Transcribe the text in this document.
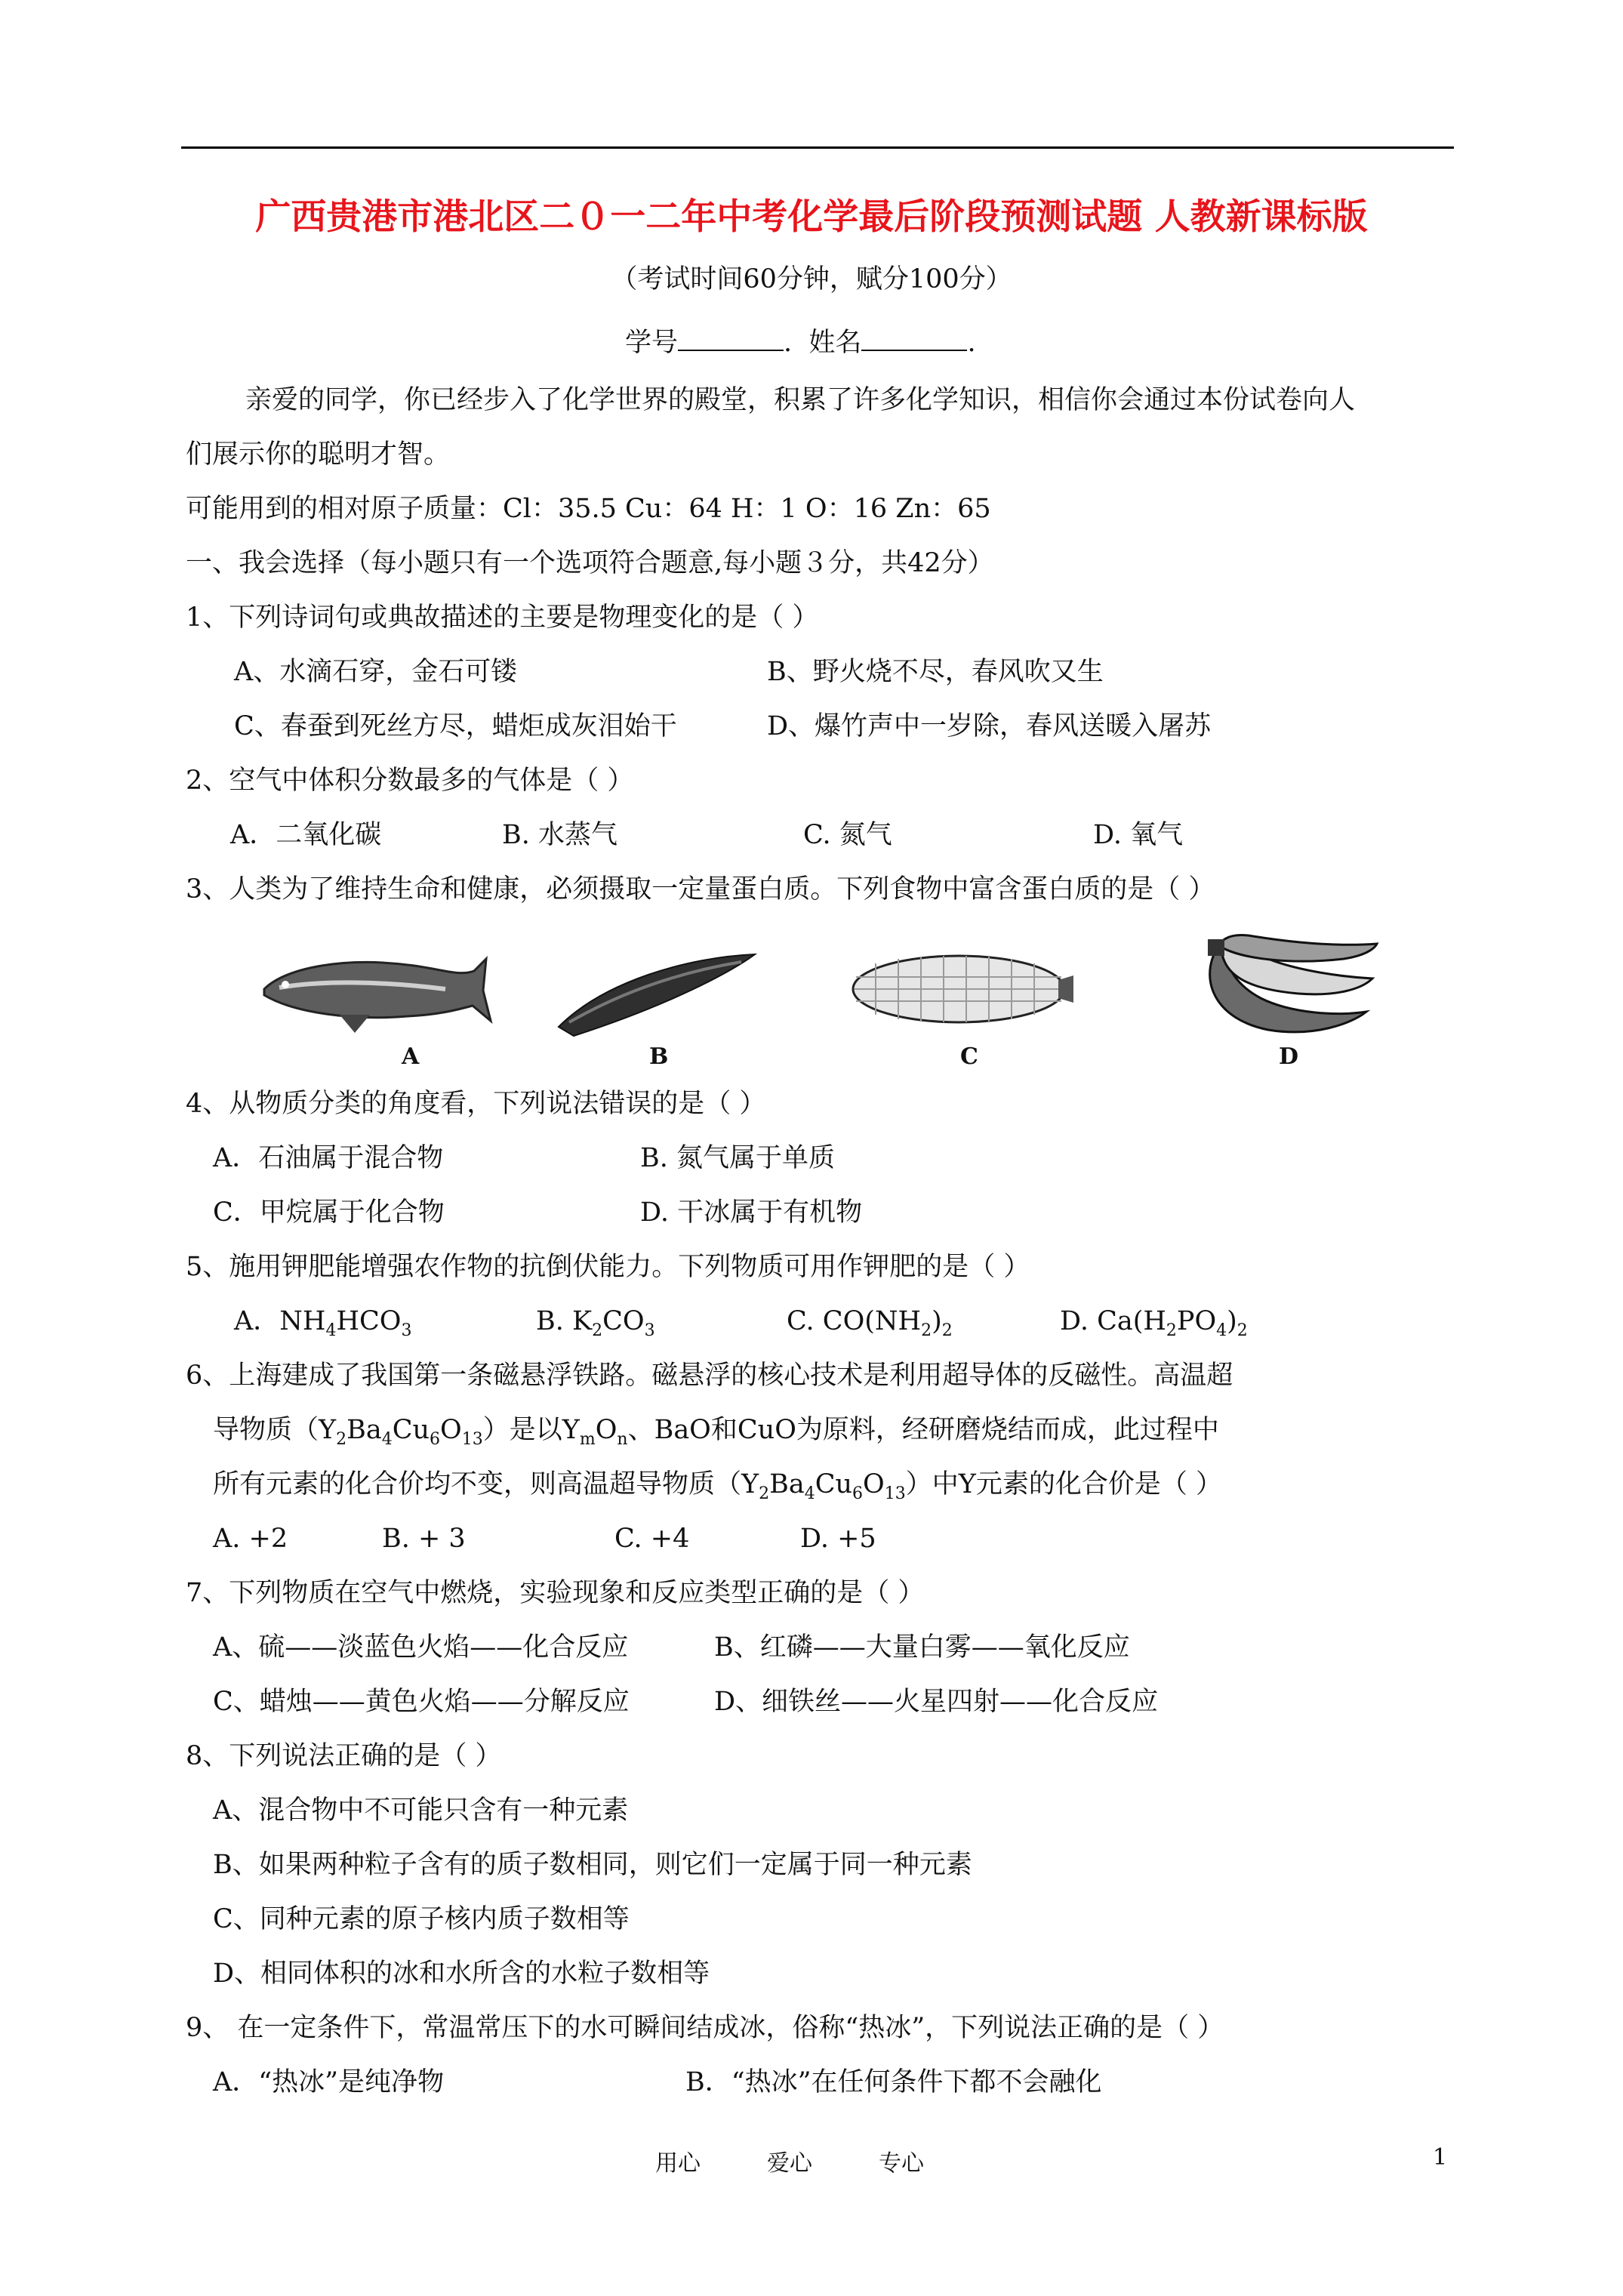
广西贵港市港北区二０一二年中考化学最后阶段预测试题 人教新课标版
（考试时间60分钟，赋分100分）
学号	. 姓名	.
亲爱的同学，你已经步入了化学世界的殿堂，积累了许多化学知识，相信你会通过本份试卷向人
们展示你的聪明才智。
可能用到的相对原子质量：Cl：35.5 Cu：64 H：1 O：16 Zn：65
一、我会选择（每小题只有一个选项符合题意,每小题３分，共42分）
1、下列诗词句或典故描述的主要是物理变化的是（ ）
A、水滴石穿，金石可镂	B、野火烧不尽，春风吹又生
C、春蚕到死丝方尽，蜡炬成灰泪始干	D、爆竹声中一岁除，春风送暖入屠苏
2、空气中体积分数最多的气体是（ ）
A．二氧化碳	B. 水蒸气	C. 氮气	D. 氧气
3、人类为了维持生命和健康，必须摄取一定量蛋白质。下列食物中富含蛋白质的是（ ）
A	B	C	D
4、从物质分类的角度看，下列说法错误的是（ ）
A．石油属于混合物	B. 氮气属于单质
C．甲烷属于化合物	D. 干冰属于有机物
5、施用钾肥能增强农作物的抗倒伏能力。下列物质可用作钾肥的是（ ）
A．$NH_4HCO_3$	B. $K_2CO_3$	C. $CO(NH_2)_2$	D. $Ca(H_2PO_4)_2$
6、上海建成了我国第一条磁悬浮铁路。磁悬浮的核心技术是利用超导体的反磁性。高温超
导物质$(Y_2Ba_4Cu_6O_{13})$是以$Y_mO_n$、BaO和CuO为原料，经研磨烧结而成，此过程中
所有元素的化合价均不变，则高温超导物质$(Y_2Ba_4Cu_6O_{13})$中Y元素的化合价是（ ）
A. +2	B. + 3	C. +4	D. +5
7、下列物质在空气中燃烧，实验现象和反应类型正确的是（ ）
A、硫——淡蓝色火焰——化合反应	B、红磷——大量白雾——氧化反应
C、蜡烛——黄色火焰——分解反应	D、细铁丝——火星四射——化合反应
8、下列说法正确的是（ ）
A、混合物中不可能只含有一种元素
B、如果两种粒子含有的质子数相同，则它们一定属于同一种元素
C、同种元素的原子核内质子数相等
D、相同体积的冰和水所含的水粒子数相等
9、 在一定条件下，常温常压下的水可瞬间结成冰，俗称“热冰”，下列说法正确的是（ ）
A．“热冰”是纯净物	B．“热冰”在任何条件下都不会融化
用心	爱心	专心	1
